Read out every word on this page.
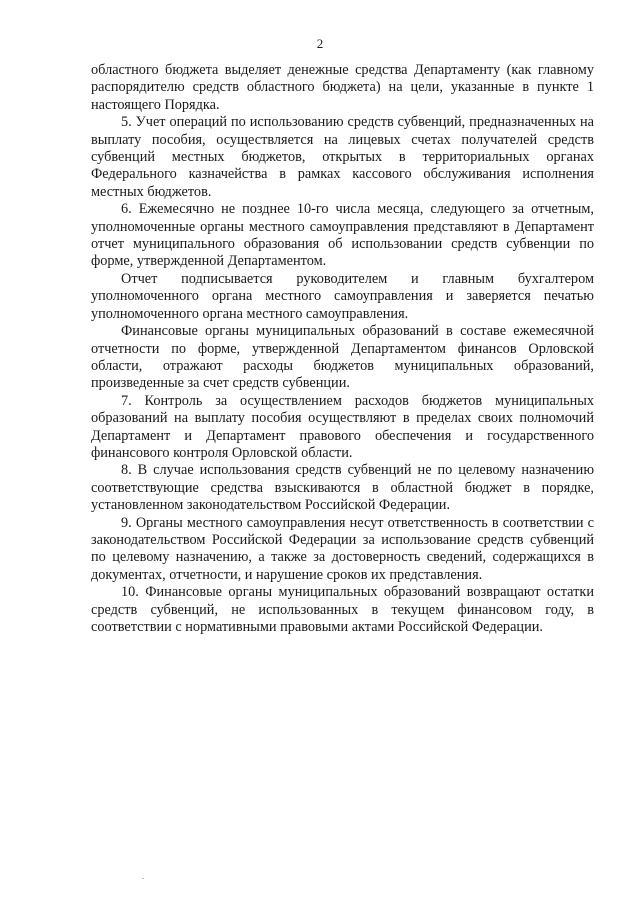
2

областного бюджета выделяет денежные средства Департаменту (как главному распорядителю средств областного бюджета) на цели, указанные в пункте 1 настоящего Порядка.

5. Учет операций по использованию средств субвенций, предназначенных на выплату пособия, осуществляется на лицевых счетах получателей средств субвенций местных бюджетов, открытых в территориальных органах Федерального казначейства в рамках кассового обслуживания исполнения местных бюджетов.

6. Ежемесячно не позднее 10-го числа месяца, следующего за отчетным, уполномоченные органы местного самоуправления представляют в Департамент отчет муниципального образования об использовании средств субвенции по форме, утвержденной Департаментом.

Отчет подписывается руководителем и главным бухгалтером уполномоченного органа местного самоуправления и заверяется печатью уполномоченного органа местного самоуправления.

Финансовые органы муниципальных образований в составе ежемесячной отчетности по форме, утвержденной Департаментом финансов Орловской области, отражают расходы бюджетов муниципальных образований, произведенные за счет средств субвенции.

7. Контроль за осуществлением расходов бюджетов муниципальных образований на выплату пособия осуществляют в пределах своих полномочий Департамент и Департамент правового обеспечения и государственного финансового контроля Орловской области.

8. В случае использования средств субвенций не по целевому назначению соответствующие средства взыскиваются в областной бюджет в порядке, установленном законодательством Российской Федерации.

9. Органы местного самоуправления несут ответственность в соответствии с законодательством Российской Федерации за использование средств субвенций по целевому назначению, а также за достоверность сведений, содержащихся в документах, отчетности, и нарушение сроков их представления.

10. Финансовые органы муниципальных образований возвращают остатки средств субвенций, не использованных в текущем финансовом году, в соответствии с нормативными правовыми актами Российской Федерации.
